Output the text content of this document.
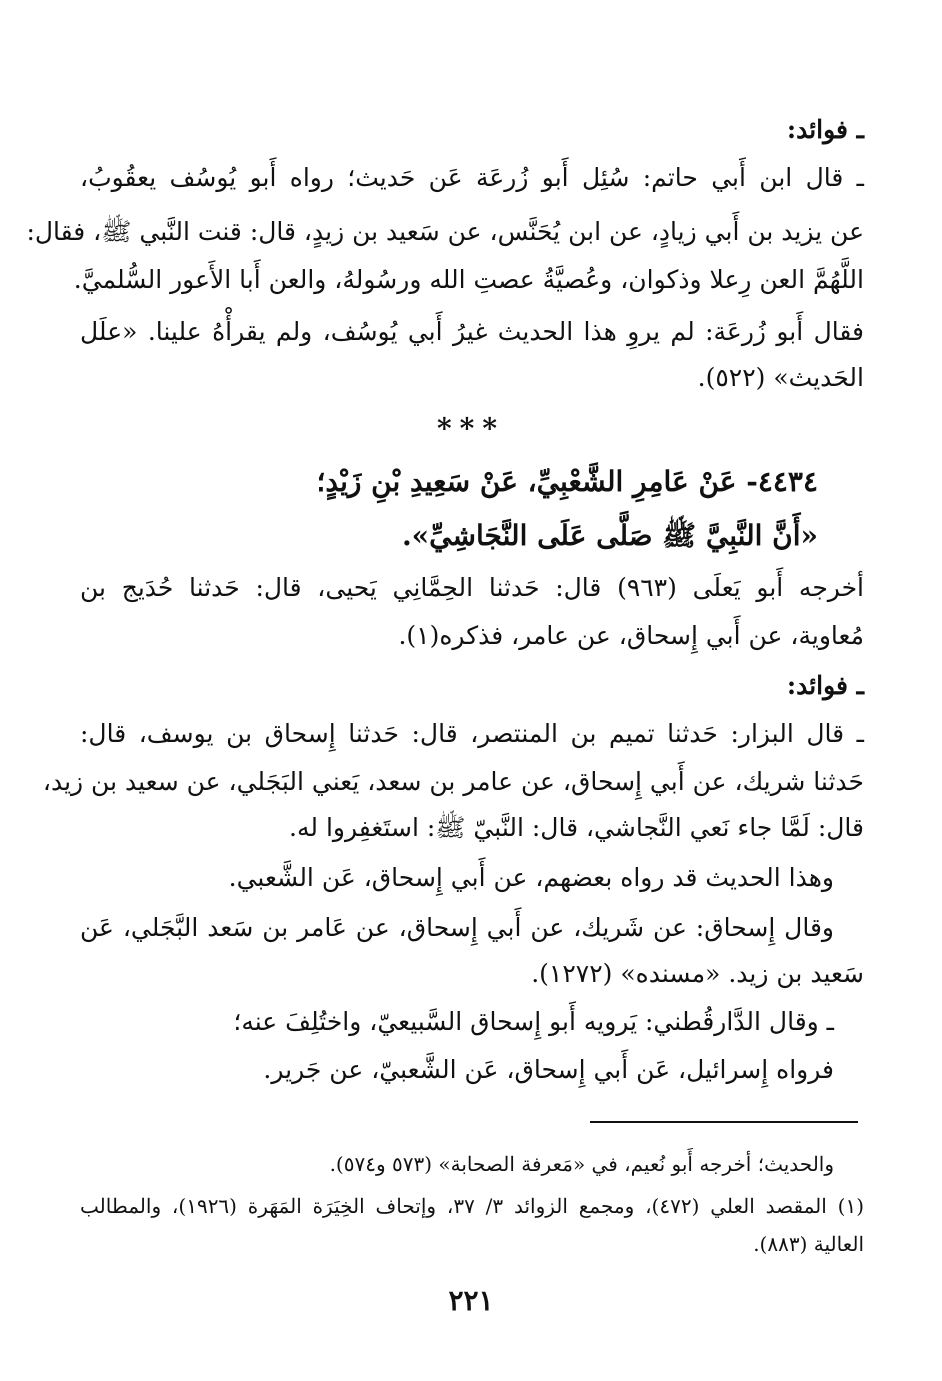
ـ فوائد:
ـ قال ابن أَبي حاتم: سُئِل أَبو زُرعَة عَن حَديث؛ رواه أَبو يُوسُف يعقُوبُ،
عن يزيد بن أَبي زيادٍ، عن ابن يُحَنَّس، عن سَعيد بن زيدٍ، قال: قنت النَّبي ﷺ، فقال:
اللَّهُمَّ العن رِعلا وذكوان، وعُصيَّةُ عصتِ الله ورسُولهُ، والعن أَبا الأَعور السُّلميَّ.
فقال أَبو زُرعَة: لم يروِ هذا الحديث غيرُ أَبي يُوسُف، ولم يقرأْهُ علينا. «علَل
الحَديث» (٥٢٢).
***
٤٤٣٤- عَنْ عَامِرِ الشَّعْبِيِّ، عَنْ سَعِيدِ بْنِ زَيْدٍ؛
«أَنَّ النَّبِيَّ ﷺ صَلَّى عَلَى النَّجَاشِيِّ».
أخرجه أَبو يَعلَى (٩٦٣) قال: حَدثنا الحِمَّانِي يَحيى، قال: حَدثنا حُدَيج بن
مُعاوية، عن أَبي إِسحاق، عن عامر، فذكره(١).
ـ فوائد:
ـ قال البزار: حَدثنا تميم بن المنتصر، قال: حَدثنا إِسحاق بن يوسف، قال:
حَدثنا شريك، عن أَبي إِسحاق، عن عامر بن سعد، يَعني البَجَلي، عن سعيد بن زيد،
قال: لَمَّا جاء نَعي النَّجاشي، قال: النَّبيّ ﷺ: استَغفِروا له.
وهذا الحديث قد رواه بعضهم، عن أَبي إِسحاق، عَن الشَّعبي.
وقال إِسحاق: عن شَريك، عن أَبي إِسحاق، عن عَامر بن سَعد البَّجَلي، عَن
سَعيد بن زيد. «مسنده» (١٢٧٢).
ـ وقال الدَّارقُطني: يَرويه أَبو إِسحاق السَّبيعيّ، واختُلِفَ عنه؛
فرواه إِسرائيل، عَن أَبي إِسحاق، عَن الشَّعبيّ، عن جَرير.
والحديث؛ أخرجه أَبو نُعيم، في «مَعرفة الصحابة» (٥٧٣ و٥٧٤).
(١) المقصد العلي (٤٧٢)، ومجمع الزوائد ٣/ ٣٧، وإتحاف الخِيَرَة المَهَرة (١٩٢٦)، والمطالب
العالية (٨٨٣).
٢٢١
